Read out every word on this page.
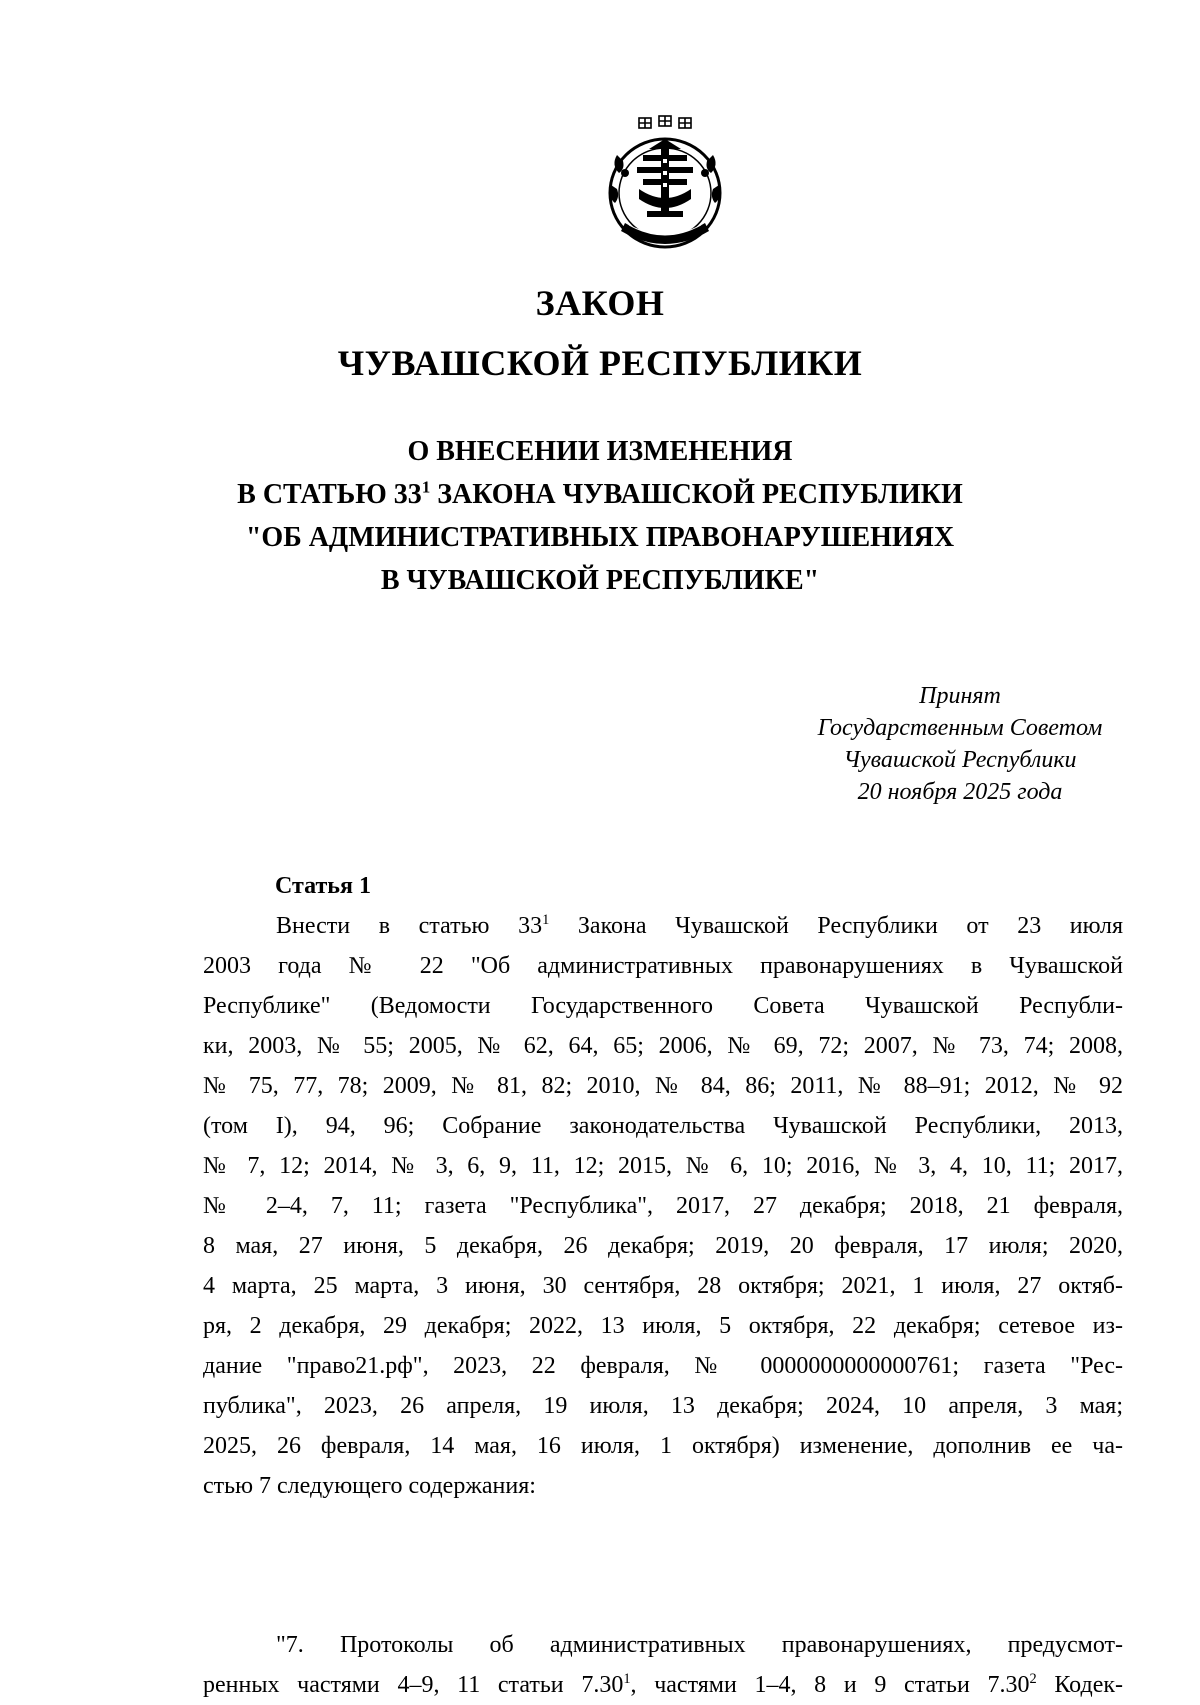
ЗАКОН
ЧУВАШСКОЙ РЕСПУБЛИКИ
О ВНЕСЕНИИ ИЗМЕНЕНИЯ
В СТАТЬЮ $33^1$ ЗАКОНА ЧУВАШСКОЙ РЕСПУБЛИКИ
"ОБ АДМИНИСТРАТИВНЫХ ПРАВОНАРУШЕНИЯХ
В ЧУВАШСКОЙ РЕСПУБЛИКЕ"
Принят
Государственным Советом
Чувашской Республики
20 ноября 2025 года
Статья 1
Внести в статью $33^1$ Закона Чувашской Республики от 23 июля
2003 года № 22 "Об административных правонарушениях в Чувашской
Республике" (Ведомости Государственного Совета Чувашской Республи-
ки, 2003, № 55; 2005, № 62, 64, 65; 2006, № 69, 72; 2007, № 73, 74; 2008,
№ 75, 77, 78; 2009, № 81, 82; 2010, № 84, 86; 2011, № 88–91; 2012, № 92
(том I), 94, 96; Собрание законодательства Чувашской Республики, 2013,
№ 7, 12; 2014, № 3, 6, 9, 11, 12; 2015, № 6, 10; 2016, № 3, 4, 10, 11; 2017,
№ 2–4, 7, 11; газета "Республика", 2017, 27 декабря; 2018, 21 февраля,
8 мая, 27 июня, 5 декабря, 26 декабря; 2019, 20 февраля, 17 июля; 2020,
4 марта, 25 марта, 3 июня, 30 сентября, 28 октября; 2021, 1 июля, 27 октяб-
ря, 2 декабря, 29 декабря; 2022, 13 июля, 5 октября, 22 декабря; сетевое из-
дание "право21.рф", 2023, 22 февраля, № 0000000000000761; газета "Рес-
публика", 2023, 26 апреля, 19 июля, 13 декабря; 2024, 10 апреля, 3 мая;
2025, 26 февраля, 14 мая, 16 июля, 1 октября) изменение, дополнив ее ча-
стью 7 следующего содержания:
"7. Протоколы об административных правонарушениях, предусмот-
ренных частями 4–9, 11 статьи 7.30$^1$, частями 1–4, 8 и 9 статьи 7.30$^2$ Кодек-
